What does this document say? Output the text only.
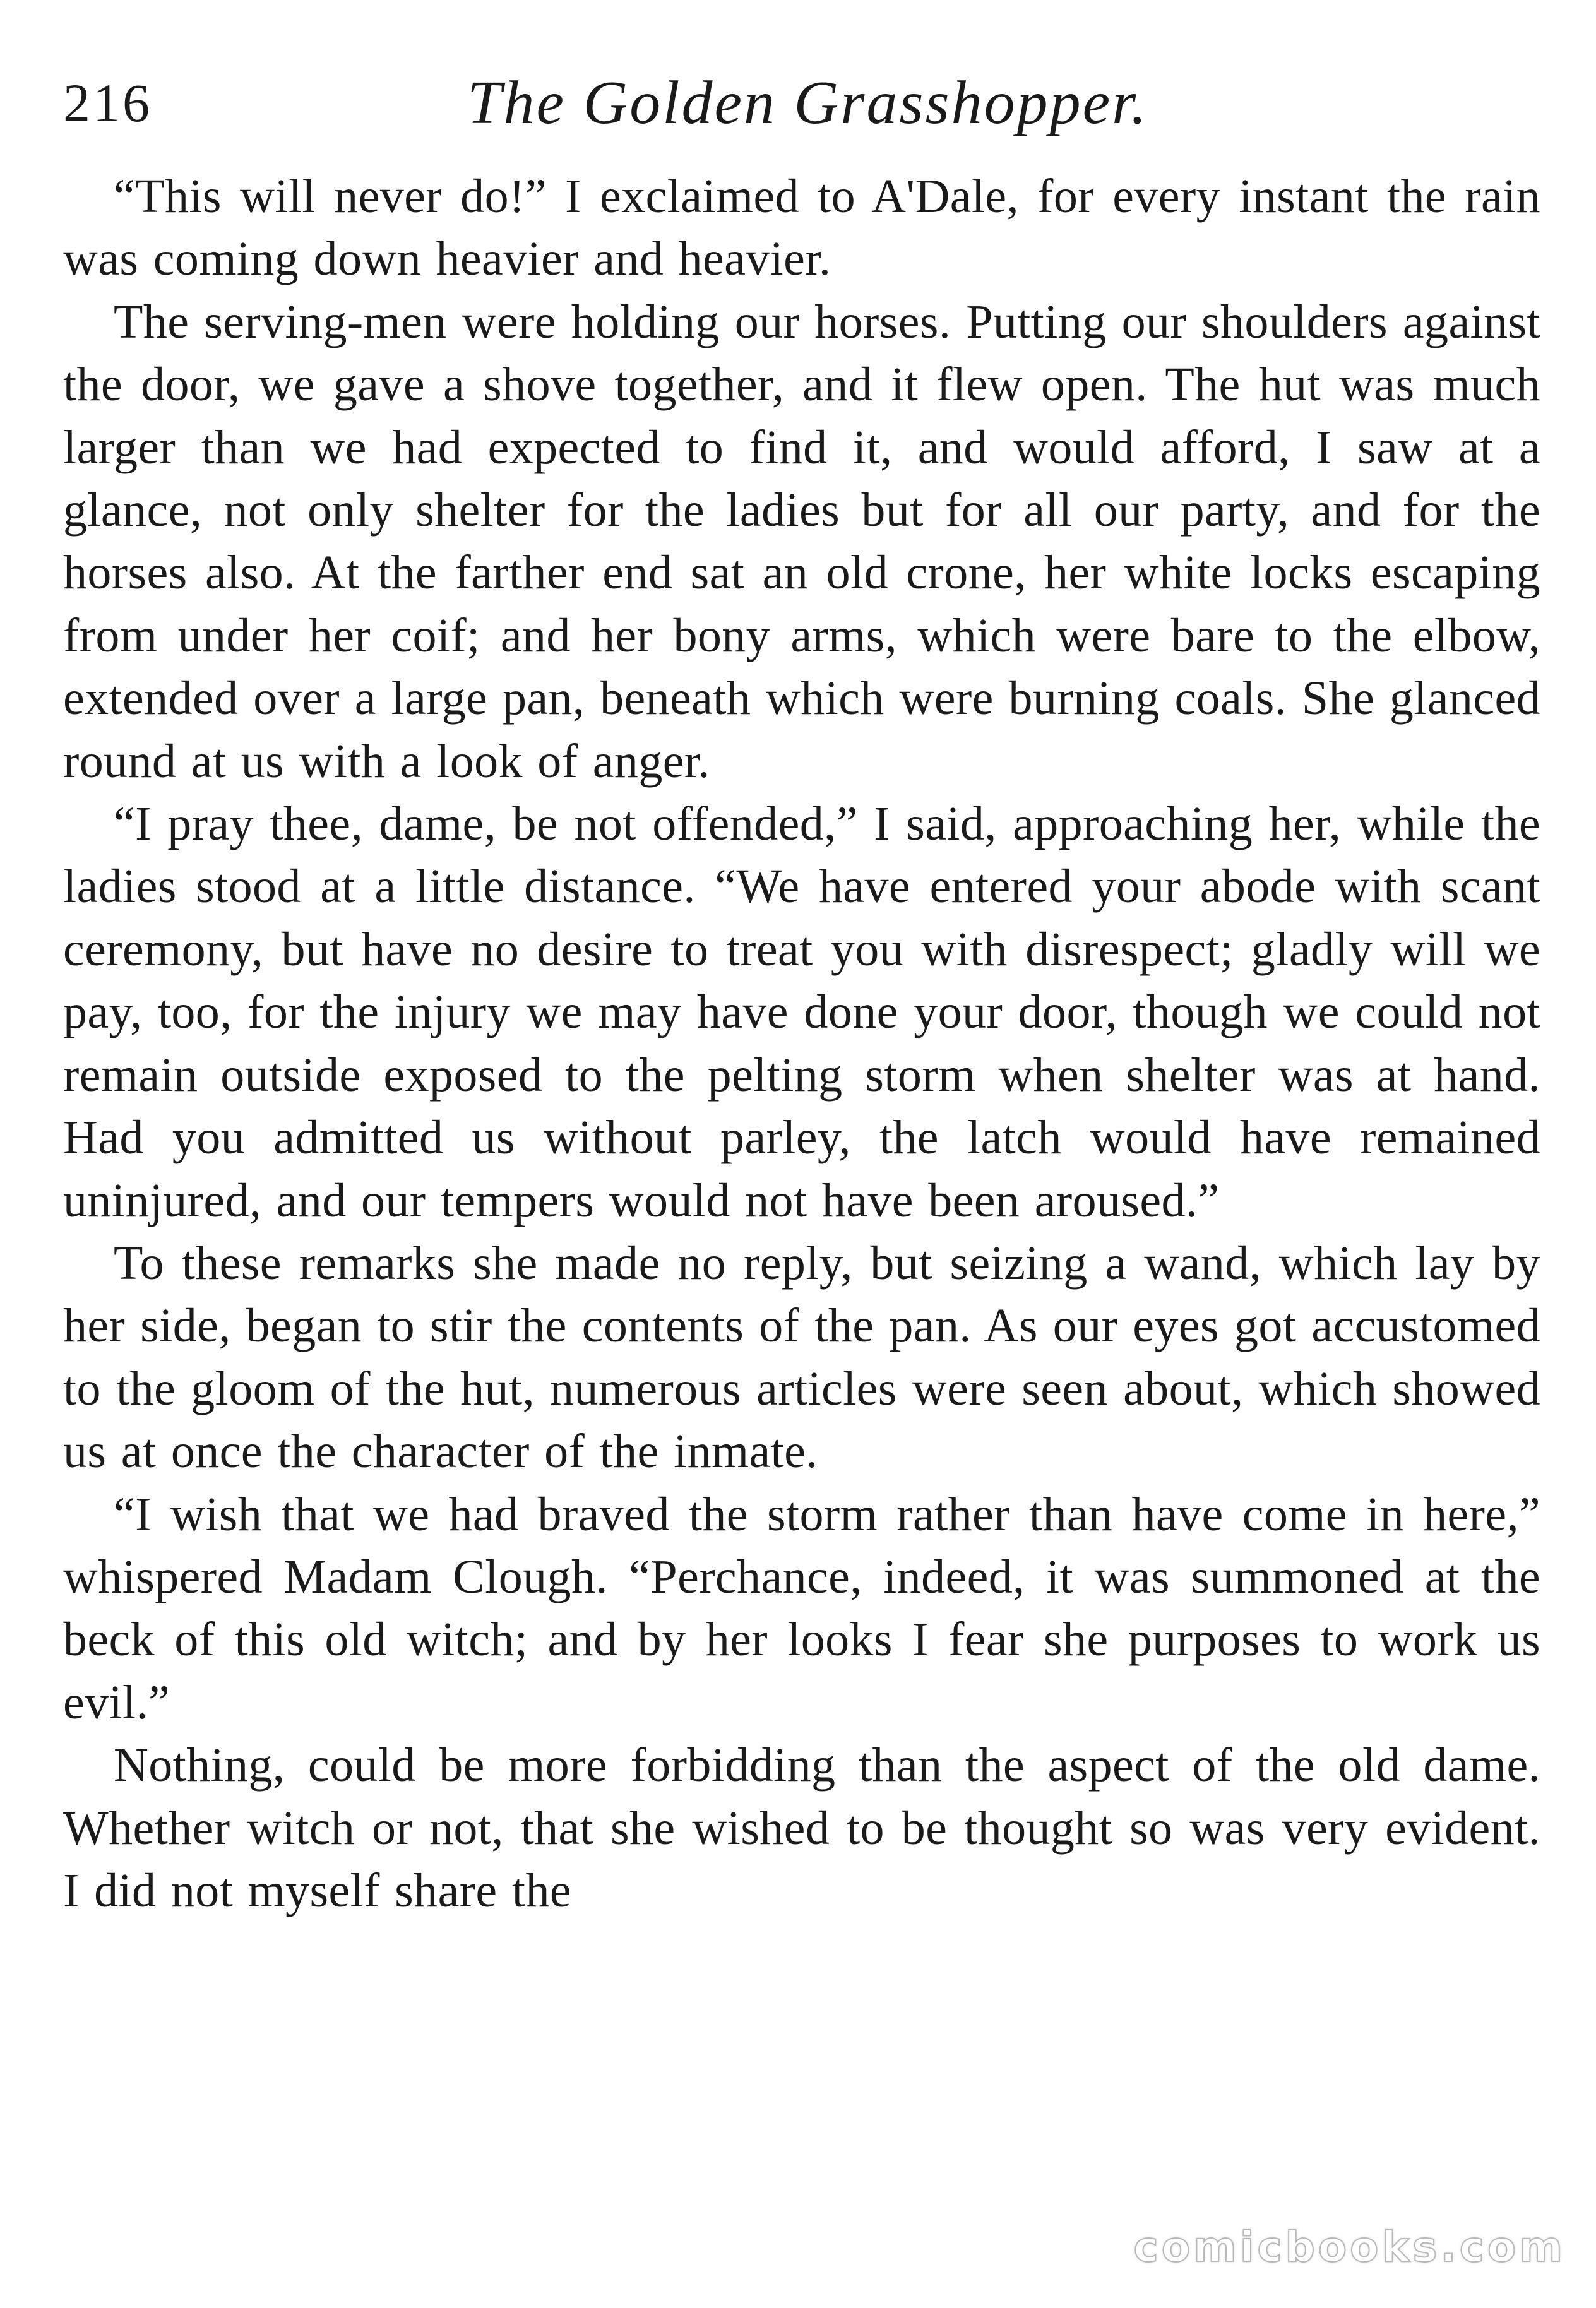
216	The Golden Grasshopper.

“This will never do!” I exclaimed to A'Dale, for every instant the rain was coming down heavier and heavier.

The serving-men were holding our horses. Putting our shoulders against the door, we gave a shove together, and it flew open. The hut was much larger than we had expected to find it, and would afford, I saw at a glance, not only shelter for the ladies but for all our party, and for the horses also. At the farther end sat an old crone, her white locks escaping from under her coif; and her bony arms, which were bare to the elbow, extended over a large pan, beneath which were burning coals. She glanced round at us with a look of anger.

“I pray thee, dame, be not offended,” I said, approaching her, while the ladies stood at a little distance. “We have entered your abode with scant ceremony, but have no desire to treat you with disrespect; gladly will we pay, too, for the injury we may have done your door, though we could not remain outside exposed to the pelting storm when shelter was at hand. Had you admitted us without parley, the latch would have remained uninjured, and our tempers would not have been aroused.”

To these remarks she made no reply, but seizing a wand, which lay by her side, began to stir the contents of the pan. As our eyes got accustomed to the gloom of the hut, numerous articles were seen about, which showed us at once the character of the inmate.

“I wish that we had braved the storm rather than have come in here,” whispered Madam Clough. “Perchance, indeed, it was summoned at the beck of this old witch; and by her looks I fear she purposes to work us evil.”

Nothing, could be more forbidding than the aspect of the old dame. Whether witch or not, that she wished to be thought so was very evident. I did not myself share the

comicbooks.com
